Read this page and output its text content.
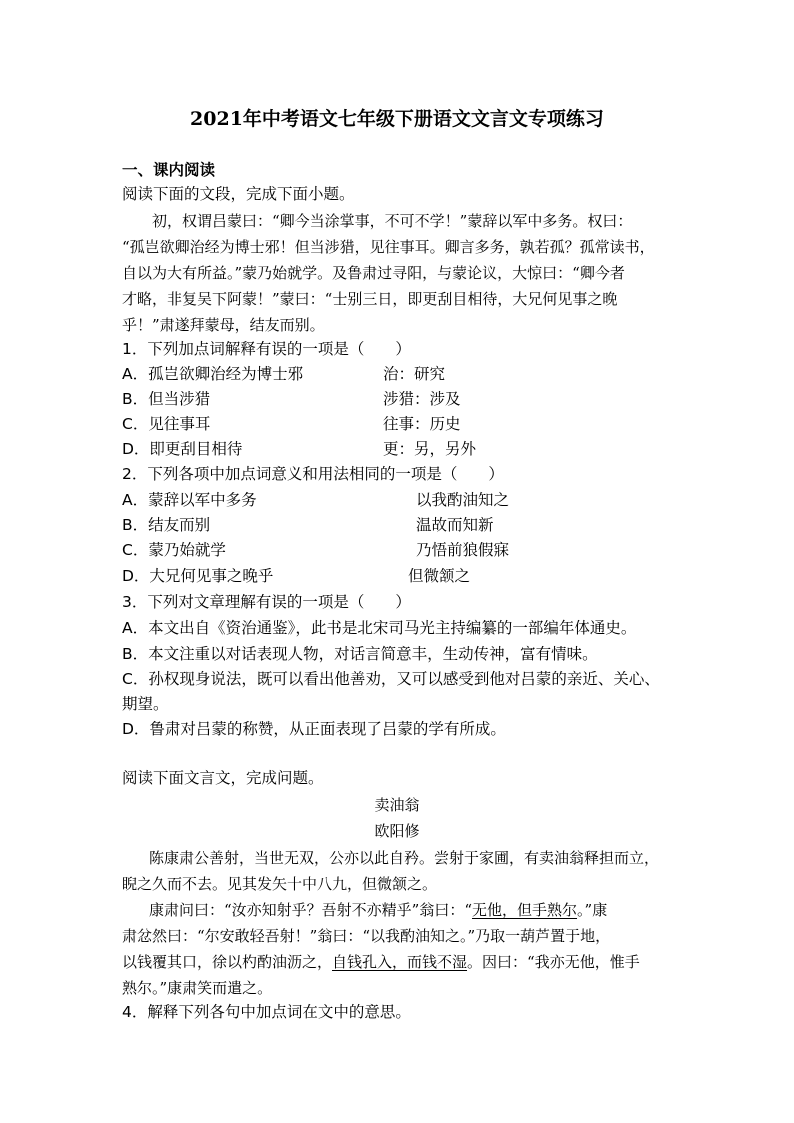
2021年中考语文七年级下册语文文言文专项练习
一、课内阅读
阅读下面的文段，完成下面小题。
初，权谓吕蒙曰：“卿今当涂掌事，不可不学！”蒙辞以军中多务。权曰：
“孤岂欲卿治经为博士邪！但当涉猎，见往事耳。卿言多务，孰若孤？孤常读书，
自以为大有所益。”蒙乃始就学。及鲁肃过寻阳，与蒙论议，大惊曰：“卿今者
才略，非复吴下阿蒙！”蒙曰：“士别三日，即更刮目相待，大兄何见事之晚
乎！”肃遂拜蒙母，结友而别。
1．下列加点词解释有误的一项是（　　）
A．孤岂欲卿治经为博士邪	治：研究
B．但当涉猎	涉猎：涉及
C．见往事耳	往事：历史
D．即更刮目相待	更：另，另外
2．下列各项中加点词意义和用法相同的一项是（　　）
A．蒙辞以军中多务	以我酌油知之
B．结友而别	温故而知新
C．蒙乃始就学	乃悟前狼假寐
D．大兄何见事之晚乎	但微颔之
3．下列对文章理解有误的一项是（　　）
A．本文出自《资治通鉴》，此书是北宋司马光主持编纂的一部编年体通史。
B．本文注重以对话表现人物，对话言简意丰，生动传神，富有情味。
C．孙权现身说法，既可以看出他善劝，又可以感受到他对吕蒙的亲近、关心、
期望。
D．鲁肃对吕蒙的称赞，从正面表现了吕蒙的学有所成。
阅读下面文言文，完成问题。
卖油翁
欧阳修
陈康肃公善射，当世无双，公亦以此自矜。尝射于家圃，有卖油翁释担而立，
睨之久而不去。见其发矢十中八九，但微颔之。
康肃问曰：“汝亦知射乎？吾射不亦精乎”翁曰：“无他，但手熟尔。”康
肃忿然曰：“尔安敢轻吾射！”翁曰：“以我酌油知之。”乃取一葫芦置于地，
以钱覆其口，徐以杓酌油沥之，自钱孔入，而钱不湿。因曰：“我亦无他，惟手
熟尔。”康肃笑而遣之。
4．解释下列各句中加点词在文中的意思。
